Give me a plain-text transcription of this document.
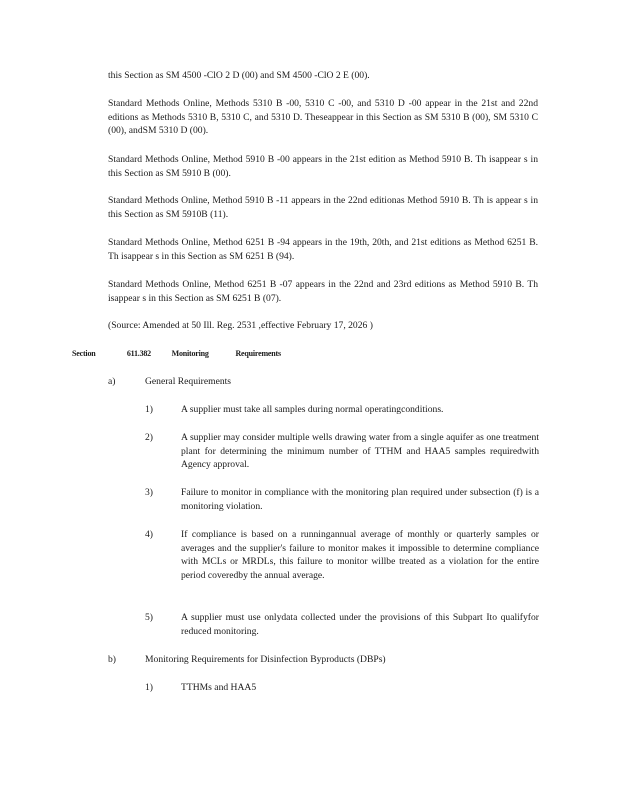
this Section as SM 4500 -ClO 2 D (00) and SM 4500 -ClO 2 E (00).

Standard Methods Online, Methods 5310 B -00, 5310 C -00, and 5310 D -00 appear in the 21st and 22nd editions as Methods 5310 B, 5310 C, and 5310 D. Theseappear in this Section as SM 5310 B (00), SM 5310 C (00), andSM 5310 D (00).

Standard Methods Online, Method 5910 B -00 appears in the 21st edition as Method 5910 B. Th isappear s in this Section as SM 5910 B (00).

Standard Methods Online, Method 5910 B -11 appears in the 22nd editionas Method 5910 B. Th is appear s in this Section as SM 5910B (11).

Standard Methods Online, Method 6251 B -94 appears in the 19th, 20th, and 21st editions as Method 6251 B. Th isappear s in this Section as SM 6251 B (94).

Standard Methods Online, Method 6251 B -07 appears in the 22nd and 23rd editions as Method 5910 B. Th isappear s in this Section as SM 6251 B (07).

(Source: Amended at 50 Ill. Reg. 2531 ,effective February 17, 2026 )

Section	611.382	Monitoring	Requirements
a)	General Requirements

1)	A supplier must take all samples during normal operatingconditions.

2)	A supplier may consider multiple wells drawing water from a single aquifer as one treatment plant for determining the minimum number of TTHM and HAA5 samples requiredwith Agency approval.

3)	Failure to monitor in compliance with the monitoring plan required under subsection (f) is a monitoring violation.

4)	If compliance is based on a runningannual average of monthly or quarterly samples or averages and the supplier's failure to monitor makes it impossible to determine compliance with MCLs or MRDLs, this failure to monitor willbe treated as a violation for the entire period coveredby the annual average.

5)	A supplier must use onlydata collected under the provisions of this Subpart Ito qualifyfor reduced monitoring.

b)	Monitoring Requirements for Disinfection Byproducts (DBPs)

1)	TTHMs and HAA5
